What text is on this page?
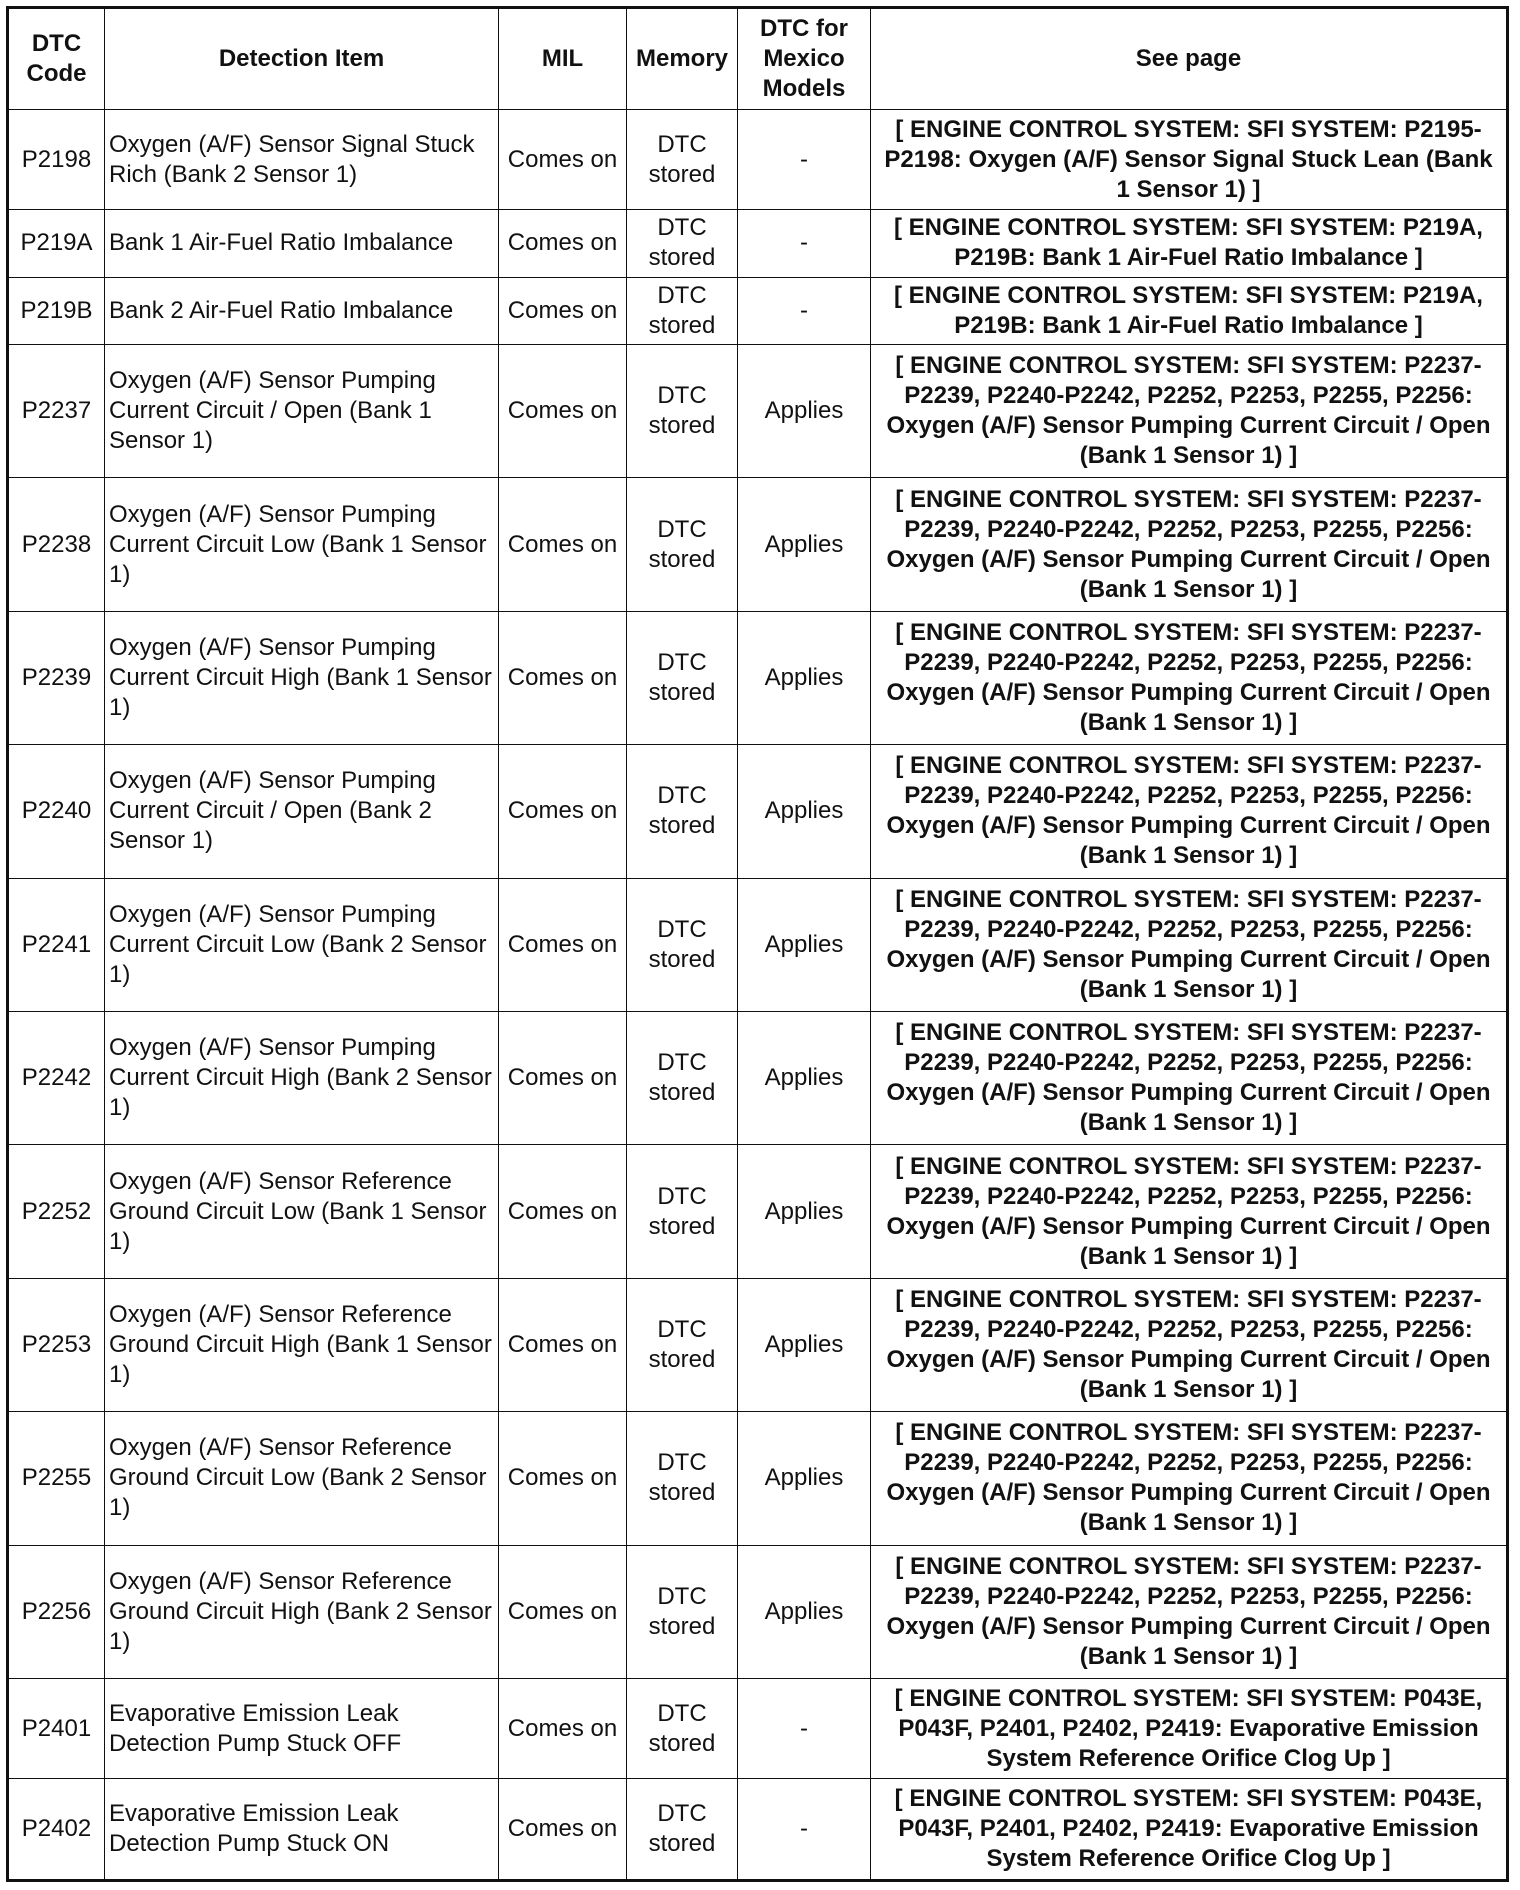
DTC Code	Detection Item	MIL	Memory	DTC for Mexico Models	See page
P2198	Oxygen (A/F) Sensor Signal Stuck Rich (Bank 2 Sensor 1)	Comes on	DTC stored	-	[ ENGINE CONTROL SYSTEM: SFI SYSTEM: P2195-P2198: Oxygen (A/F) Sensor Signal Stuck Lean (Bank 1 Sensor 1) ]
P219A	Bank 1 Air-Fuel Ratio Imbalance	Comes on	DTC stored	-	[ ENGINE CONTROL SYSTEM: SFI SYSTEM: P219A, P219B: Bank 1 Air-Fuel Ratio Imbalance ]
P219B	Bank 2 Air-Fuel Ratio Imbalance	Comes on	DTC stored	-	[ ENGINE CONTROL SYSTEM: SFI SYSTEM: P219A, P219B: Bank 1 Air-Fuel Ratio Imbalance ]
P2237	Oxygen (A/F) Sensor Pumping Current Circuit / Open (Bank 1 Sensor 1)	Comes on	DTC stored	Applies	[ ENGINE CONTROL SYSTEM: SFI SYSTEM: P2237-P2239, P2240-P2242, P2252, P2253, P2255, P2256: Oxygen (A/F) Sensor Pumping Current Circuit / Open (Bank 1 Sensor 1) ]
P2238	Oxygen (A/F) Sensor Pumping Current Circuit Low (Bank 1 Sensor 1)	Comes on	DTC stored	Applies	[ ENGINE CONTROL SYSTEM: SFI SYSTEM: P2237-P2239, P2240-P2242, P2252, P2253, P2255, P2256: Oxygen (A/F) Sensor Pumping Current Circuit / Open (Bank 1 Sensor 1) ]
P2239	Oxygen (A/F) Sensor Pumping Current Circuit High (Bank 1 Sensor 1)	Comes on	DTC stored	Applies	[ ENGINE CONTROL SYSTEM: SFI SYSTEM: P2237-P2239, P2240-P2242, P2252, P2253, P2255, P2256: Oxygen (A/F) Sensor Pumping Current Circuit / Open (Bank 1 Sensor 1) ]
P2240	Oxygen (A/F) Sensor Pumping Current Circuit / Open (Bank 2 Sensor 1)	Comes on	DTC stored	Applies	[ ENGINE CONTROL SYSTEM: SFI SYSTEM: P2237-P2239, P2240-P2242, P2252, P2253, P2255, P2256: Oxygen (A/F) Sensor Pumping Current Circuit / Open (Bank 1 Sensor 1) ]
P2241	Oxygen (A/F) Sensor Pumping Current Circuit Low (Bank 2 Sensor 1)	Comes on	DTC stored	Applies	[ ENGINE CONTROL SYSTEM: SFI SYSTEM: P2237-P2239, P2240-P2242, P2252, P2253, P2255, P2256: Oxygen (A/F) Sensor Pumping Current Circuit / Open (Bank 1 Sensor 1) ]
P2242	Oxygen (A/F) Sensor Pumping Current Circuit High (Bank 2 Sensor 1)	Comes on	DTC stored	Applies	[ ENGINE CONTROL SYSTEM: SFI SYSTEM: P2237-P2239, P2240-P2242, P2252, P2253, P2255, P2256: Oxygen (A/F) Sensor Pumping Current Circuit / Open (Bank 1 Sensor 1) ]
P2252	Oxygen (A/F) Sensor Reference Ground Circuit Low (Bank 1 Sensor 1)	Comes on	DTC stored	Applies	[ ENGINE CONTROL SYSTEM: SFI SYSTEM: P2237-P2239, P2240-P2242, P2252, P2253, P2255, P2256: Oxygen (A/F) Sensor Pumping Current Circuit / Open (Bank 1 Sensor 1) ]
P2253	Oxygen (A/F) Sensor Reference Ground Circuit High (Bank 1 Sensor 1)	Comes on	DTC stored	Applies	[ ENGINE CONTROL SYSTEM: SFI SYSTEM: P2237-P2239, P2240-P2242, P2252, P2253, P2255, P2256: Oxygen (A/F) Sensor Pumping Current Circuit / Open (Bank 1 Sensor 1) ]
P2255	Oxygen (A/F) Sensor Reference Ground Circuit Low (Bank 2 Sensor 1)	Comes on	DTC stored	Applies	[ ENGINE CONTROL SYSTEM: SFI SYSTEM: P2237-P2239, P2240-P2242, P2252, P2253, P2255, P2256: Oxygen (A/F) Sensor Pumping Current Circuit / Open (Bank 1 Sensor 1) ]
P2256	Oxygen (A/F) Sensor Reference Ground Circuit High (Bank 2 Sensor 1)	Comes on	DTC stored	Applies	[ ENGINE CONTROL SYSTEM: SFI SYSTEM: P2237-P2239, P2240-P2242, P2252, P2253, P2255, P2256: Oxygen (A/F) Sensor Pumping Current Circuit / Open (Bank 1 Sensor 1) ]
P2401	Evaporative Emission Leak Detection Pump Stuck OFF	Comes on	DTC stored	-	[ ENGINE CONTROL SYSTEM: SFI SYSTEM: P043E, P043F, P2401, P2402, P2419: Evaporative Emission System Reference Orifice Clog Up ]
P2402	Evaporative Emission Leak Detection Pump Stuck ON	Comes on	DTC stored	-	[ ENGINE CONTROL SYSTEM: SFI SYSTEM: P043E, P043F, P2401, P2402, P2419: Evaporative Emission System Reference Orifice Clog Up ]
